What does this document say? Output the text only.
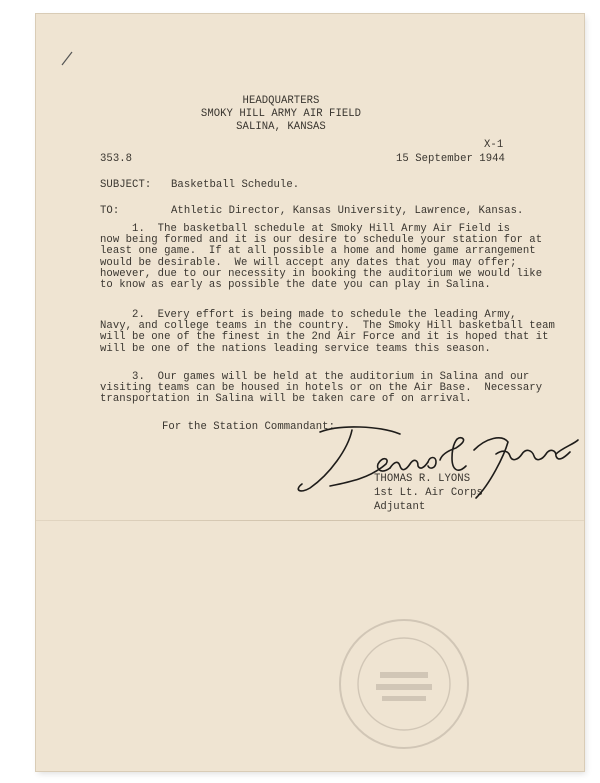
HEADQUARTERS
SMOKY HILL ARMY AIR FIELD
SALINA, KANSAS
X-1
353.8	15 September 1944
SUBJECT: Basketball Schedule.
TO:	Athletic Director, Kansas University, Lawrence, Kansas.
1.  The basketball schedule at Smoky Hill Army Air Field is
now being formed and it is our desire to schedule your station for at
least one game.  If at all possible a home and home game arrangement
would be desirable.  We will accept any dates that you may offer;
however, due to our necessity in booking the auditorium we would like
to know as early as possible the date you can play in Salina.
2.  Every effort is being made to schedule the leading Army,
Navy, and college teams in the country.  The Smoky Hill basketball team
will be one of the finest in the 2nd Air Force and it is hoped that it
will be one of the nations leading service teams this season.
3.  Our games will be held at the auditorium in Salina and our
visiting teams can be housed in hotels or on the Air Base.  Necessary
transportation in Salina will be taken care of on arrival.
For the Station Commandant:
THOMAS R. LYONS
1st Lt. Air Corps
Adjutant
